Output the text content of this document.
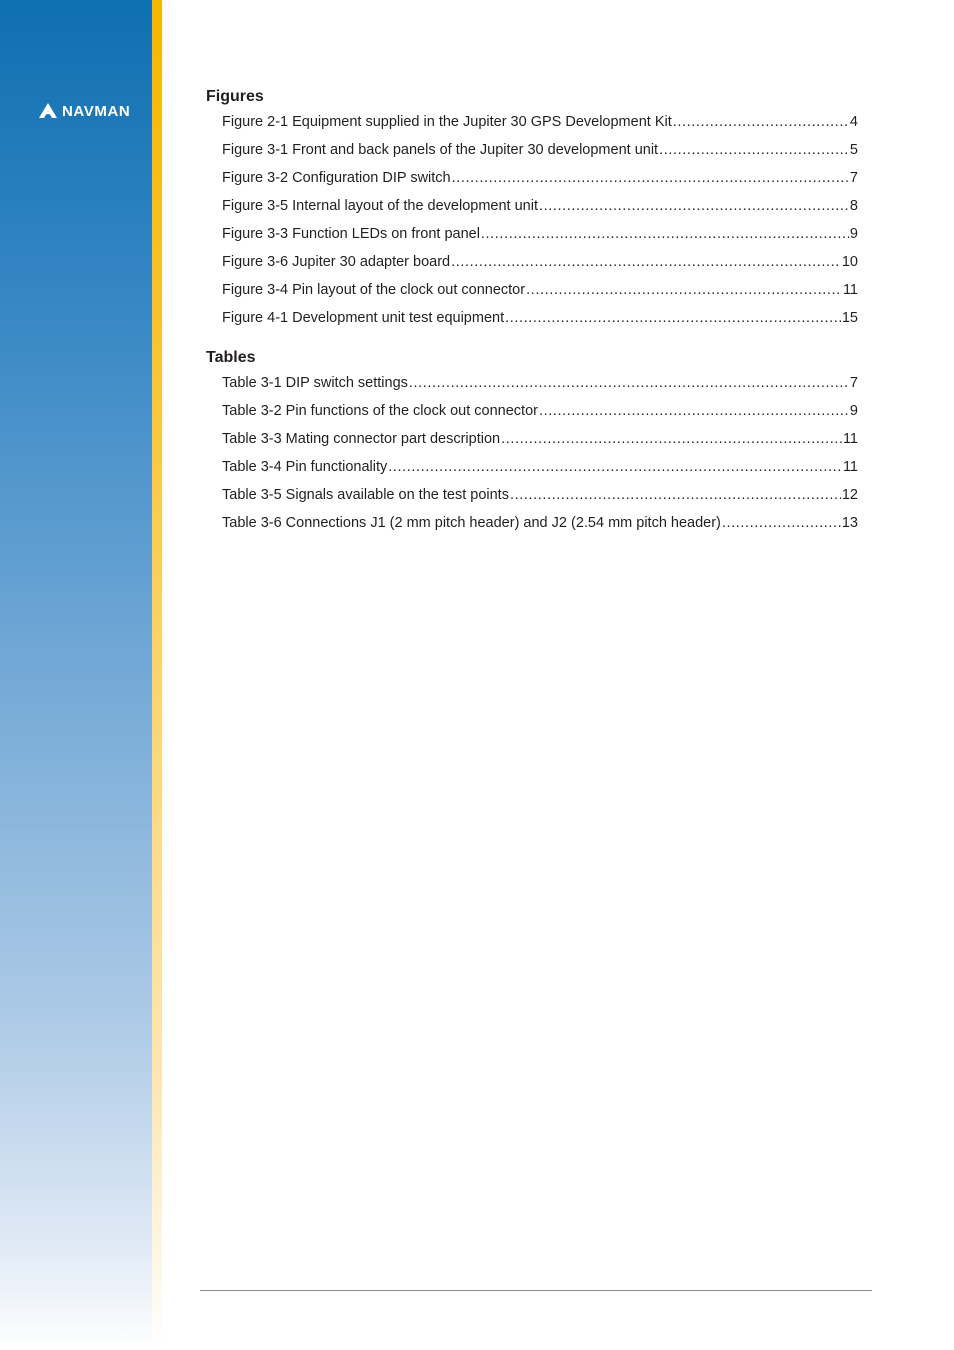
NAVMAN
Figures
Figure 2-1 Equipment supplied in the Jupiter 30 GPS Development Kit .....	4
Figure 3-1 Front and back panels of the Jupiter 30 development unit .....	5
Figure 3-2 Configuration DIP switch .....	7
Figure 3-5 Internal layout of the development unit .....	8
Figure 3-3 Function LEDs on front panel .....	9
Figure 3-6 Jupiter 30 adapter board .....	10
Figure 3-4 Pin layout of the clock out connector .....	11
Figure 4-1 Development unit test equipment .....	15
Tables
Table 3-1 DIP switch settings .....	7
Table 3-2 Pin functions of the clock out connector .....	9
Table 3-3 Mating connector part description .....	11
Table 3-4 Pin functionality .....	11
Table 3-5 Signals available on the test points .....	12
Table 3-6 Connections J1 (2 mm pitch header) and J2 (2.54 mm pitch header) .....	13
